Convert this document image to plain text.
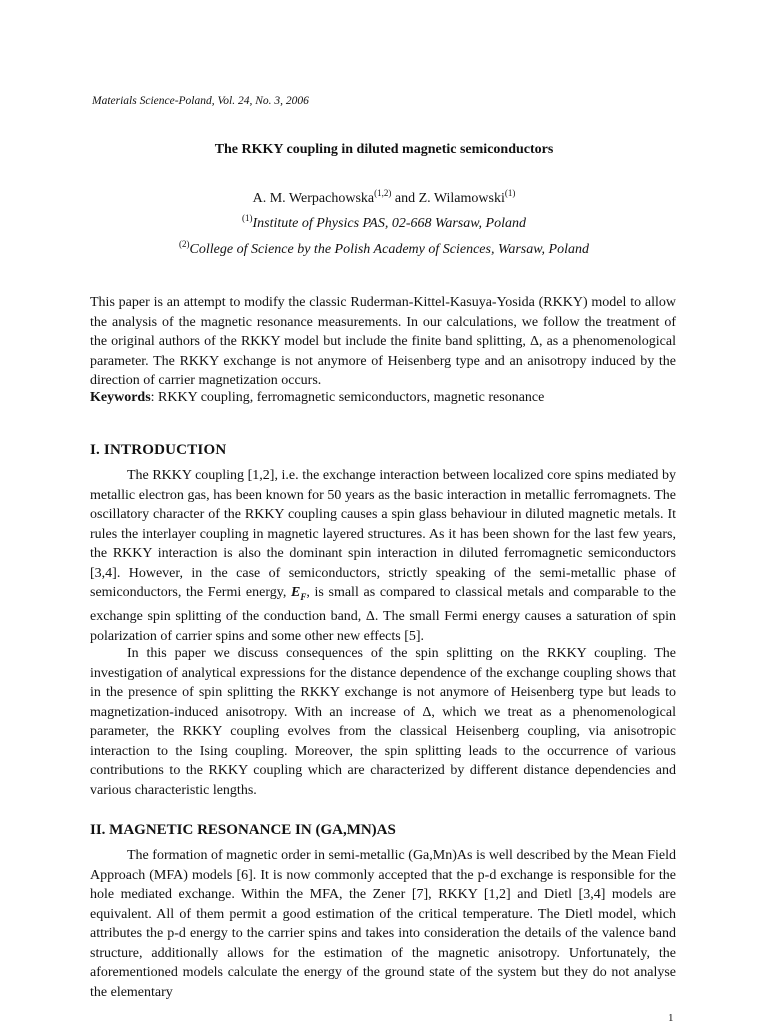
Materials Science-Poland, Vol. 24, No. 3, 2006
The RKKY coupling in diluted magnetic semiconductors
A. M. Werpachowska$^{(1,2)}$ and Z. Wilamowski$^{(1)}$
$^{(1)}$Institute of Physics PAS, 02-668 Warsaw, Poland
$^{(2)}$College of Science by the Polish Academy of Sciences, Warsaw, Poland

This paper is an attempt to modify the classic Ruderman-Kittel-Kasuya-Yosida (RKKY) model to allow the analysis of the magnetic resonance measurements. In our calculations, we follow the treatment of the original authors of the RKKY model but include the finite band splitting, Δ, as a phenomenological parameter. The RKKY exchange is not anymore of Heisenberg type and an anisotropy induced by the direction of carrier magnetization occurs.

Keywords: RKKY coupling, ferromagnetic semiconductors, magnetic resonance
I. INTRODUCTION

The RKKY coupling [1,2], i.e. the exchange interaction between localized core spins mediated by metallic electron gas, has been known for 50 years as the basic interaction in metallic ferromagnets. The oscillatory character of the RKKY coupling causes a spin glass behaviour in diluted magnetic metals. It rules the interlayer coupling in magnetic layered structures. As it has been shown for the last few years, the RKKY interaction is also the dominant spin interaction in diluted ferromagnetic semiconductors [3,4]. However, in the case of semiconductors, strictly speaking of the semi-metallic phase of semiconductors, the Fermi energy, $E_F$, is small as compared to classical metals and comparable to the exchange spin splitting of the conduction band, Δ. The small Fermi energy causes a saturation of spin polarization of carrier spins and some other new effects [5].

In this paper we discuss consequences of the spin splitting on the RKKY coupling. The investigation of analytical expressions for the distance dependence of the exchange coupling shows that in the presence of spin splitting the RKKY exchange is not anymore of Heisenberg type but leads to magnetization-induced anisotropy. With an increase of Δ, which we treat as a phenomenological parameter, the RKKY coupling evolves from the classical Heisenberg coupling, via anisotropic interaction to the Ising coupling. Moreover, the spin splitting leads to the occurrence of various contributions to the RKKY coupling which are characterized by different distance dependencies and various characteristic lengths.

II. MAGNETIC RESONANCE IN (GA,MN)AS

The formation of magnetic order in semi-metallic (Ga,Mn)As is well described by the Mean Field Approach (MFA) models [6]. It is now commonly accepted that the p-d exchange is responsible for the hole mediated exchange. Within the MFA, the Zener [7], RKKY [1,2] and Dietl [3,4] models are equivalent. All of them permit a good estimation of the critical temperature. The Dietl model, which attributes the p-d energy to the carrier spins and takes into consideration the details of the valence band structure, additionally allows for the estimation of the magnetic anisotropy. Unfortunately, the aforementioned models calculate the energy of the ground state of the system but they do not analyse the elementary

1
